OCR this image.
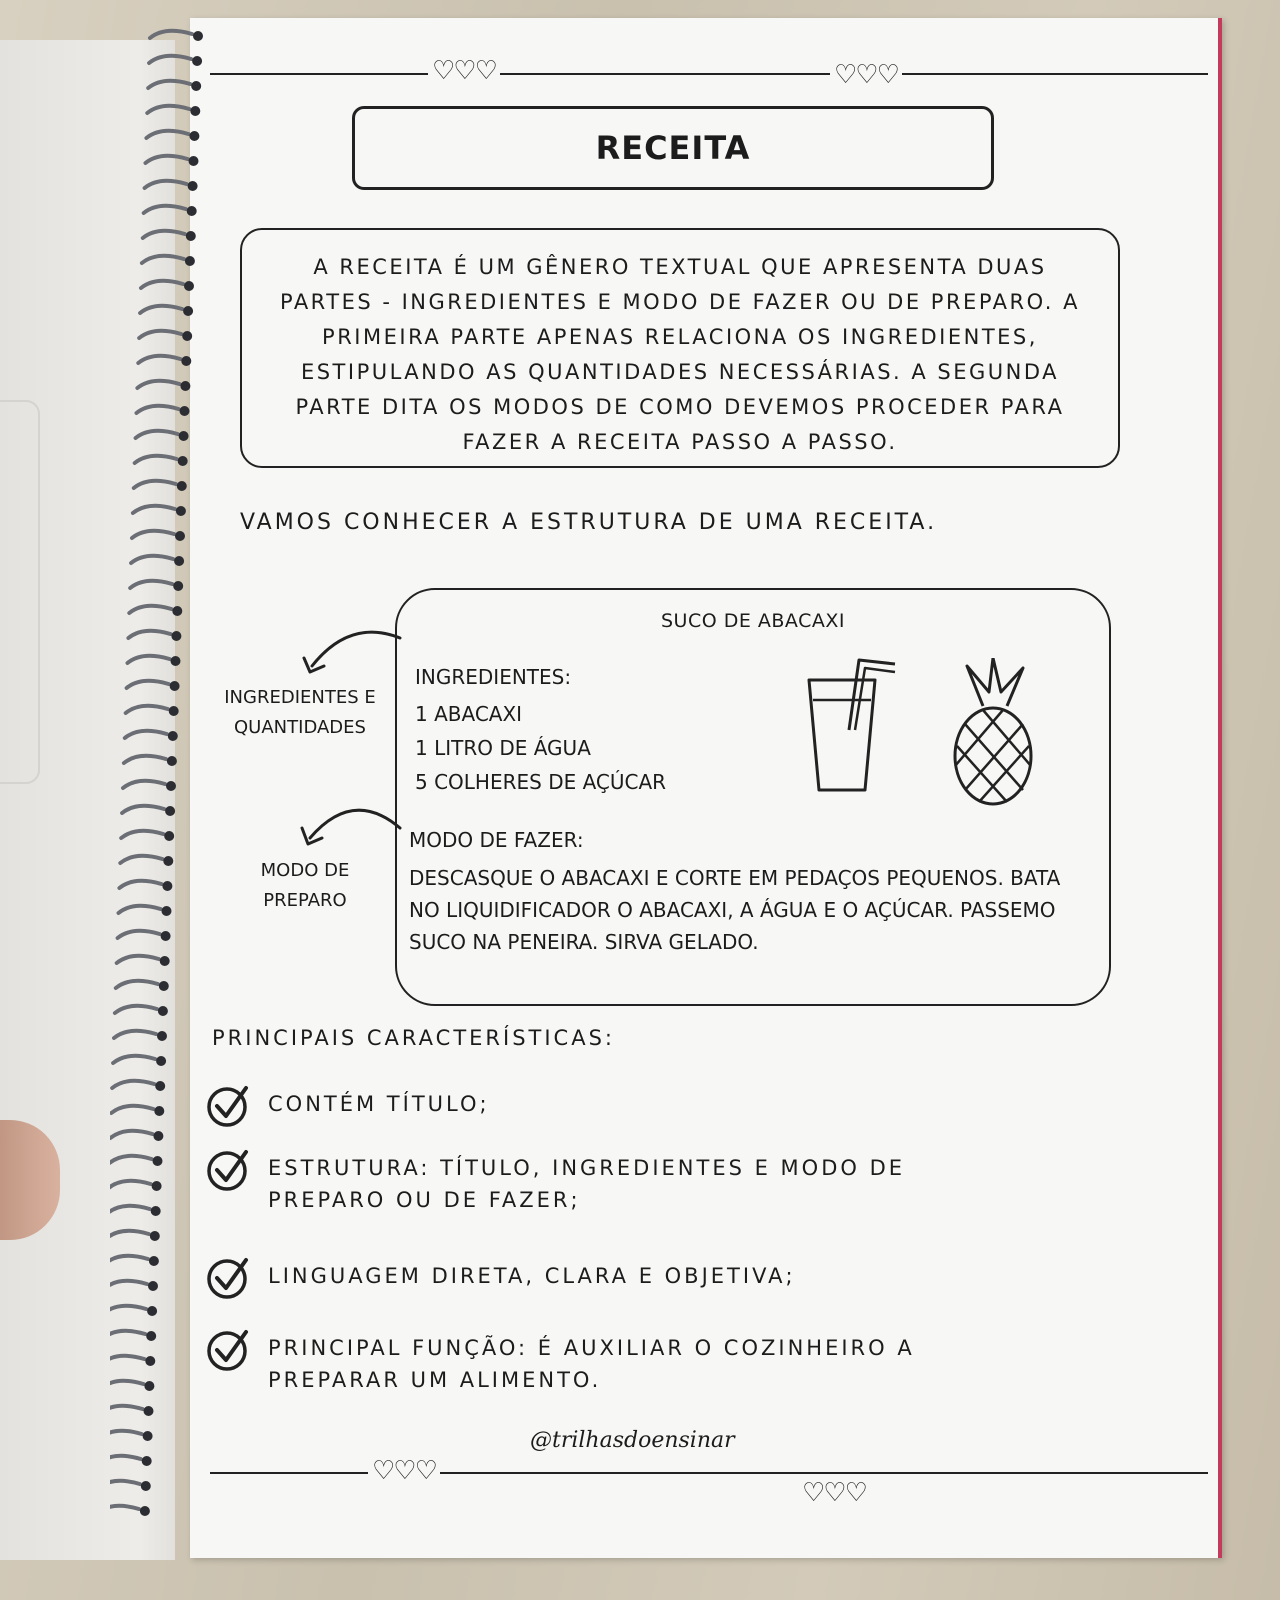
♡♡♡	♡♡♡
RECEITA
A RECEITA É UM GÊNERO TEXTUAL QUE APRESENTA DUAS PARTES - INGREDIENTES E MODO DE FAZER OU DE PREPARO. A PRIMEIRA PARTE APENAS RELACIONA OS INGREDIENTES, ESTIPULANDO AS QUANTIDADES NECESSÁRIAS. A SEGUNDA PARTE DITA OS MODOS DE COMO DEVEMOS PROCEDER PARA FAZER A RECEITA PASSO A PASSO.
VAMOS CONHECER A ESTRUTURA DE UMA RECEITA.
INGREDIENTES E
QUANTIDADES
MODO DE
PREPARO
SUCO DE ABACAXI
INGREDIENTES:
1 ABACAXI
1 LITRO DE ÁGUA
5 COLHERES DE AÇÚCAR
MODO DE FAZER:
DESCASQUE O ABACAXI E CORTE EM PEDAÇOS PEQUENOS. BATA NO LIQUIDIFICADOR O ABACAXI, A ÁGUA E O AÇÚCAR. PASSEMO SUCO NA PENEIRA. SIRVA GELADO.
PRINCIPAIS CARACTERÍSTICAS:
CONTÉM TÍTULO;
ESTRUTURA: TÍTULO, INGREDIENTES E MODO DE PREPARO OU DE FAZER;
LINGUAGEM DIRETA, CLARA E OBJETIVA;
PRINCIPAL FUNÇÃO: É AUXILIAR O COZINHEIRO A PREPARAR UM ALIMENTO.
@trilhasdoensinar
♡♡♡
♡♡♡
